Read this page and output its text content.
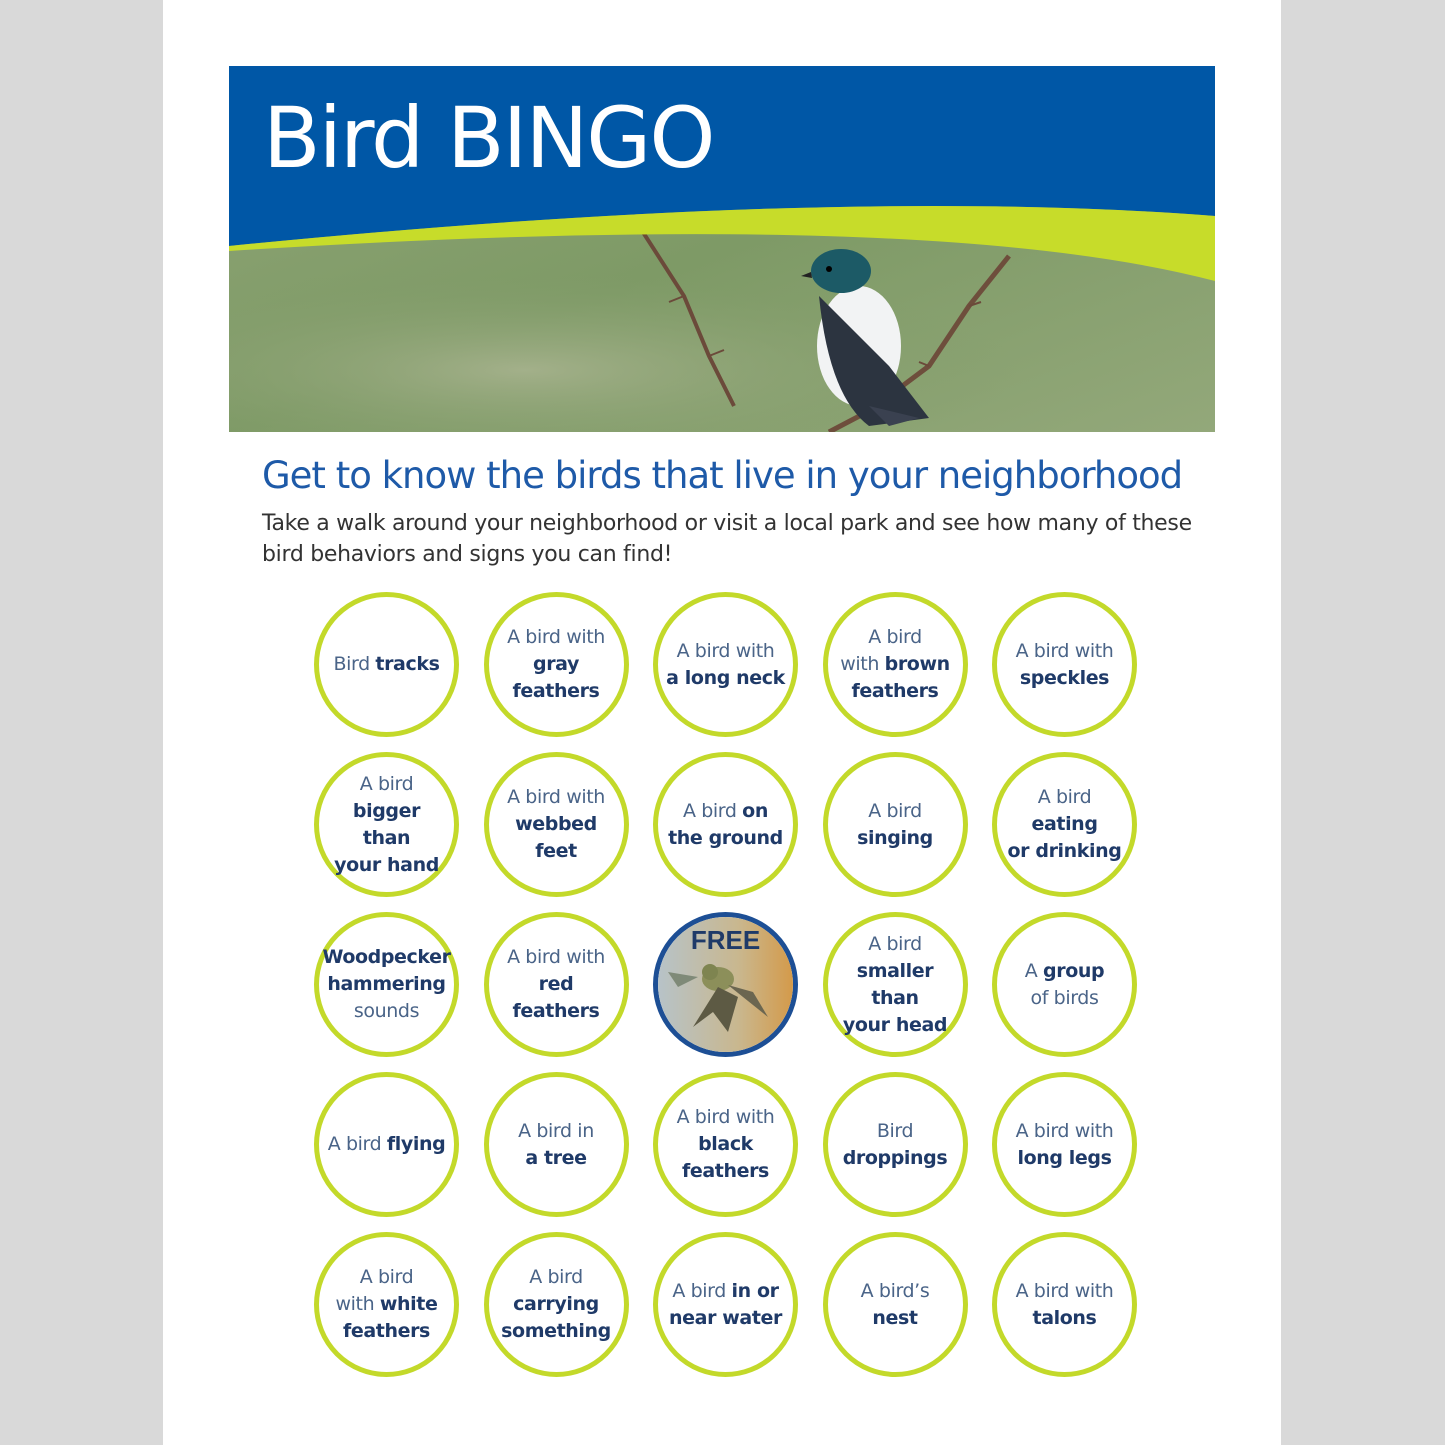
Bird BINGO
Get to know the birds that live in your neighborhood
Take a walk around your neighborhood or visit a local park and see how many of these bird behaviors and signs you can find!
Bird tracks
A bird with
gray feathers
A bird with
a long neck
A bird
with brown
feathers
A bird with
speckles
A bird
bigger than
your hand
A bird with
webbed feet
A bird on
the ground
A bird
singing
A bird eating
or drinking
Woodpecker
hammering
sounds
A bird with
red feathers
FREE	A bird
smaller than
your head
A group
of birds
A bird flying
A bird in
a tree
A bird with
black feathers
Bird
droppings
A bird with
long legs
A bird
with white
feathers
A bird
carrying
something
A bird in or
near water
A bird’s nest
A bird with
talons
